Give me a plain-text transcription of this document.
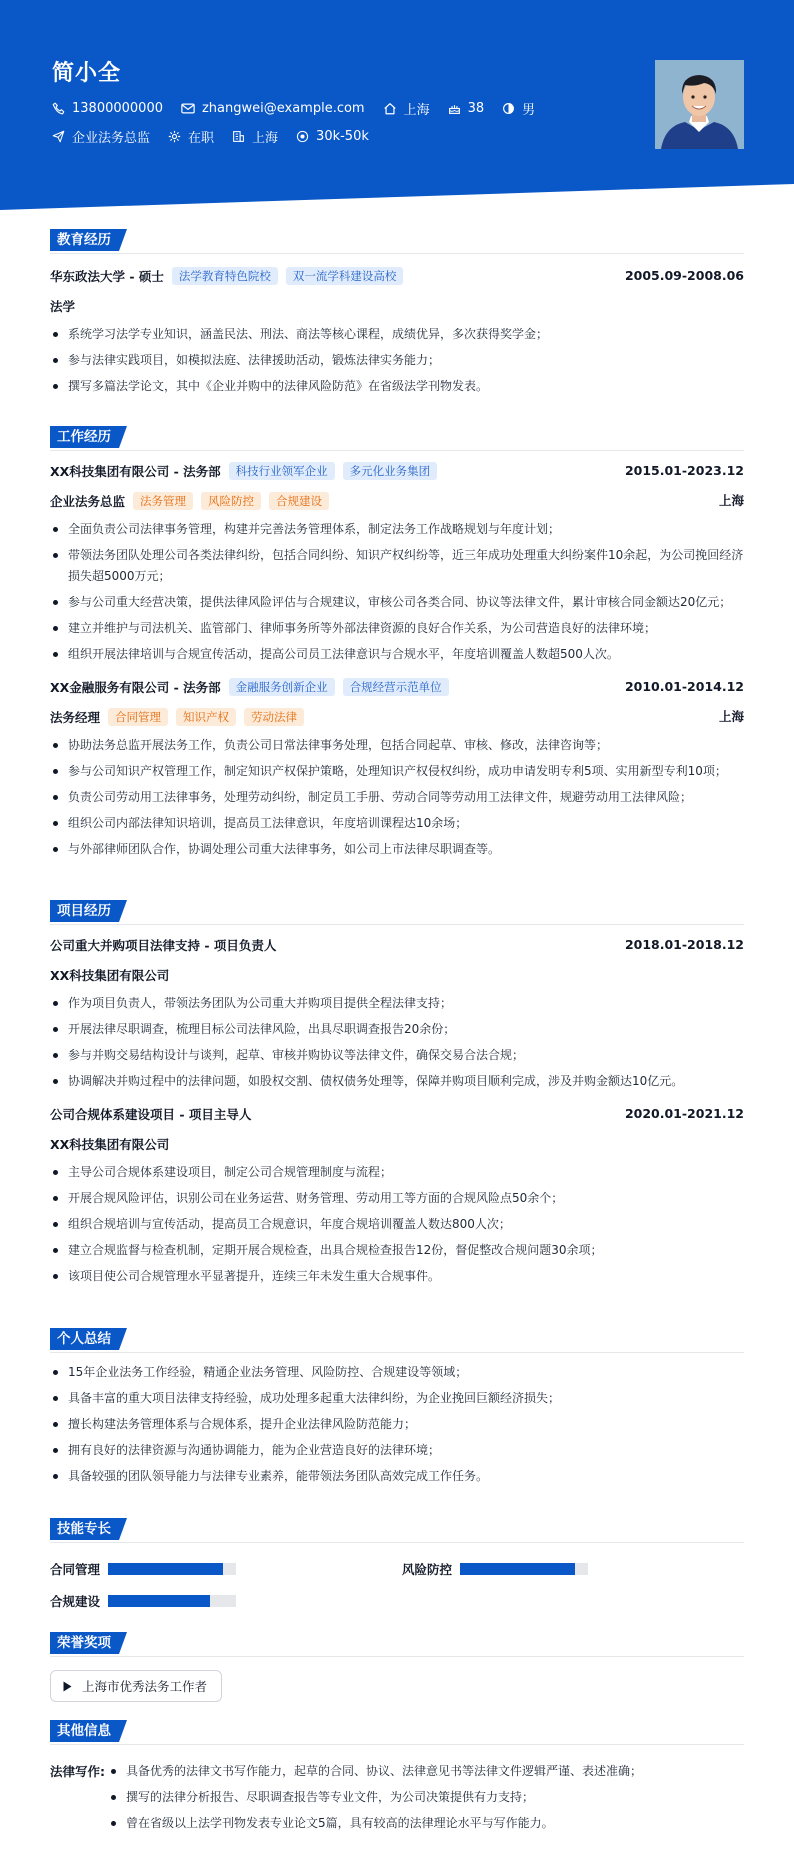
简小全
13800000000	zhangwei@example.com	上海	38	男
企业法务总监	在职	上海	30k-50k
教育经历
华东政法大学 - 硕士	法学教育特色院校	双一流学科建设高校	2005.09-2008.06
法学
系统学习法学专业知识，涵盖民法、刑法、商法等核心课程，成绩优异，多次获得奖学金；
参与法律实践项目，如模拟法庭、法律援助活动，锻炼法律实务能力；
撰写多篇法学论文，其中《企业并购中的法律风险防范》在省级法学刊物发表。
工作经历
XX科技集团有限公司 - 法务部	科技行业领军企业	多元化业务集团	2015.01-2023.12
企业法务总监	法务管理	风险防控	合规建设	上海
全面负责公司法律事务管理，构建并完善法务管理体系，制定法务工作战略规划与年度计划；
带领法务团队处理公司各类法律纠纷，包括合同纠纷、知识产权纠纷等，近三年成功处理重大纠纷案件10余起，为公司挽回经济损失超5000万元；
参与公司重大经营决策，提供法律风险评估与合规建议，审核公司各类合同、协议等法律文件，累计审核合同金额达20亿元；
建立并维护与司法机关、监管部门、律师事务所等外部法律资源的良好合作关系，为公司营造良好的法律环境；
组织开展法律培训与合规宣传活动，提高公司员工法律意识与合规水平，年度培训覆盖人数超500人次。
XX金融服务有限公司 - 法务部	金融服务创新企业	合规经营示范单位	2010.01-2014.12
法务经理	合同管理	知识产权	劳动法律	上海
协助法务总监开展法务工作，负责公司日常法律事务处理，包括合同起草、审核、修改，法律咨询等；
参与公司知识产权管理工作，制定知识产权保护策略，处理知识产权侵权纠纷，成功申请发明专利5项、实用新型专利10项；
负责公司劳动用工法律事务，处理劳动纠纷，制定员工手册、劳动合同等劳动用工法律文件，规避劳动用工法律风险；
组织公司内部法律知识培训，提高员工法律意识，年度培训课程达10余场；
与外部律师团队合作，协调处理公司重大法律事务，如公司上市法律尽职调查等。
项目经历
公司重大并购项目法律支持 - 项目负责人	2018.01-2018.12
XX科技集团有限公司
作为项目负责人，带领法务团队为公司重大并购项目提供全程法律支持；
开展法律尽职调查，梳理目标公司法律风险，出具尽职调查报告20余份；
参与并购交易结构设计与谈判，起草、审核并购协议等法律文件，确保交易合法合规；
协调解决并购过程中的法律问题，如股权交割、债权债务处理等，保障并购项目顺利完成，涉及并购金额达10亿元。
公司合规体系建设项目 - 项目主导人	2020.01-2021.12
XX科技集团有限公司
主导公司合规体系建设项目，制定公司合规管理制度与流程；
开展合规风险评估，识别公司在业务运营、财务管理、劳动用工等方面的合规风险点50余个；
组织合规培训与宣传活动，提高员工合规意识，年度合规培训覆盖人数达800人次；
建立合规监督与检查机制，定期开展合规检查，出具合规检查报告12份，督促整改合规问题30余项；
该项目使公司合规管理水平显著提升，连续三年未发生重大合规事件。
个人总结
15年企业法务工作经验，精通企业法务管理、风险防控、合规建设等领域；
具备丰富的重大项目法律支持经验，成功处理多起重大法律纠纷，为企业挽回巨额经济损失；
擅长构建法务管理体系与合规体系，提升企业法律风险防范能力；
拥有良好的法律资源与沟通协调能力，能为企业营造良好的法律环境；
具备较强的团队领导能力与法律专业素养，能带领法务团队高效完成工作任务。
技能专长
合同管理	风险防控
合规建设
荣誉奖项
上海市优秀法务工作者
其他信息
法律写作:	具备优秀的法律文书写作能力，起草的合同、协议、法律意见书等法律文件逻辑严谨、表述准确；
撰写的法律分析报告、尽职调查报告等专业文件，为公司决策提供有力支持；
曾在省级以上法学刊物发表专业论文5篇，具有较高的法律理论水平与写作能力。
